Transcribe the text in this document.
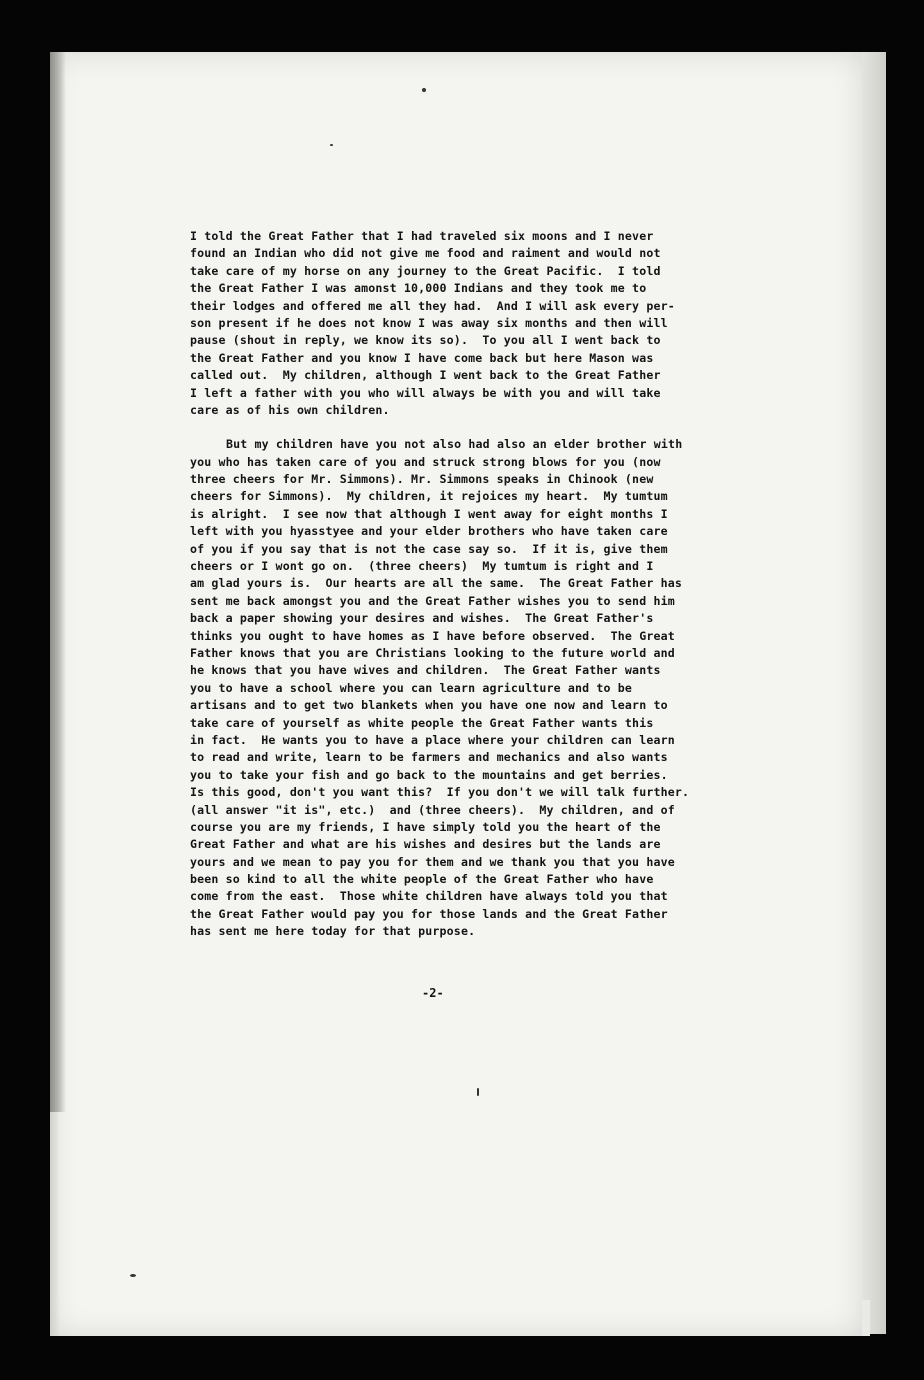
I told the Great Father that I had traveled six moons and I never
found an Indian who did not give me food and raiment and would not
take care of my horse on any journey to the Great Pacific.  I told
the Great Father I was amonst 10,000 Indians and they took me to
their lodges and offered me all they had.  And I will ask every per-
son present if he does not know I was away six months and then will
pause (shout in reply, we know its so).  To you all I went back to
the Great Father and you know I have come back but here Mason was
called out.  My children, although I went back to the Great Father
I left a father with you who will always be with you and will take
care as of his own children.
But my children have you not also had also an elder brother with
you who has taken care of you and struck strong blows for you (now
three cheers for Mr. Simmons). Mr. Simmons speaks in Chinook (new
cheers for Simmons).  My children, it rejoices my heart.  My tumtum
is alright.  I see now that although I went away for eight months I
left with you hyasstyee and your elder brothers who have taken care
of you if you say that is not the case say so.  If it is, give them
cheers or I wont go on.  (three cheers)  My tumtum is right and I
am glad yours is.  Our hearts are all the same.  The Great Father has
sent me back amongst you and the Great Father wishes you to send him
back a paper showing your desires and wishes.  The Great Father's
thinks you ought to have homes as I have before observed.  The Great
Father knows that you are Christians looking to the future world and
he knows that you have wives and children.  The Great Father wants
you to have a school where you can learn agriculture and to be
artisans and to get two blankets when you have one now and learn to
take care of yourself as white people the Great Father wants this
in fact.  He wants you to have a place where your children can learn
to read and write, learn to be farmers and mechanics and also wants
you to take your fish and go back to the mountains and get berries.
Is this good, don't you want this?  If you don't we will talk further.
(all answer "it is", etc.)  and (three cheers).  My children, and of
course you are my friends, I have simply told you the heart of the
Great Father and what are his wishes and desires but the lands are
yours and we mean to pay you for them and we thank you that you have
been so kind to all the white people of the Great Father who have
come from the east.  Those white children have always told you that
the Great Father would pay you for those lands and the Great Father
has sent me here today for that purpose.
-2-
